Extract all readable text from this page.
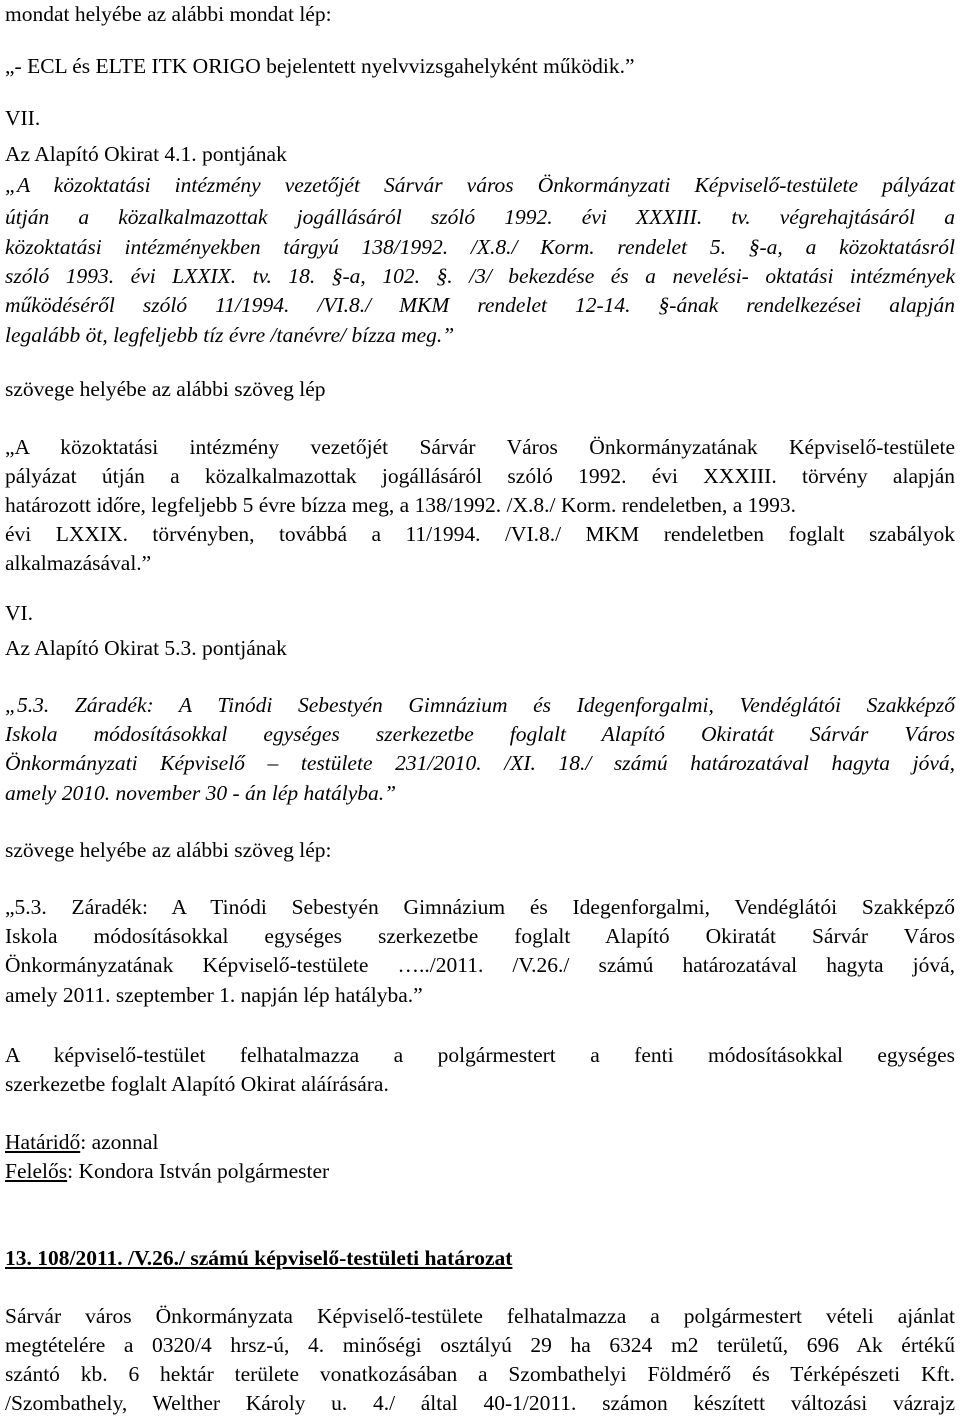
mondat helyébe az alábbi mondat lép:
„- ECL és ELTE ITK ORIGO bejelentett nyelvvizsgahelyként működik.”
VII.
Az Alapító Okirat 4.1. pontjának
„A közoktatási intézmény vezetőjét Sárvár város Önkormányzati Képviselő-testülete pályázat
útján a közalkalmazottak jogállásáról szóló 1992. évi XXXIII. tv. végrehajtásáról a
közoktatási intézményekben tárgyú 138/1992. /X.8./ Korm. rendelet 5. §-a, a közoktatásról
szóló 1993. évi LXXIX. tv. 18. §-a, 102. §. /3/ bekezdése és a nevelési- oktatási intézmények
működéséről szóló 11/1994. /VI.8./ MKM rendelet 12-14. §-ának rendelkezései alapján
legalább öt, legfeljebb tíz évre /tanévre/ bízza meg.”
szövege helyébe az alábbi szöveg lép
„A közoktatási intézmény vezetőjét Sárvár Város Önkormányzatának Képviselő-testülete
pályázat útján a közalkalmazottak jogállásáról szóló 1992. évi XXXIII. törvény alapján
határozott időre, legfeljebb 5 évre bízza meg, a 138/1992. /X.8./ Korm. rendeletben, a 1993.
évi LXXIX. törvényben, továbbá a 11/1994. /VI.8./ MKM rendeletben foglalt szabályok
alkalmazásával.”
VI.
Az Alapító Okirat 5.3. pontjának
„5.3. Záradék: A Tinódi Sebestyén Gimnázium és Idegenforgalmi, Vendéglátói Szakképző
Iskola módosításokkal egységes szerkezetbe foglalt Alapító Okiratát Sárvár Város
Önkormányzati Képviselő – testülete 231/2010. /XI. 18./ számú határozatával hagyta jóvá,
amely 2010. november 30 - án lép hatályba.”
szövege helyébe az alábbi szöveg lép:
„5.3. Záradék: A Tinódi Sebestyén Gimnázium és Idegenforgalmi, Vendéglátói Szakképző
Iskola módosításokkal egységes szerkezetbe foglalt Alapító Okiratát Sárvár Város
Önkormányzatának Képviselő-testülete …../2011. /V.26./ számú határozatával hagyta jóvá,
amely 2011. szeptember 1. napján lép hatályba.”
A képviselő-testület felhatalmazza a polgármestert a fenti módosításokkal egységes
szerkezetbe foglalt Alapító Okirat aláírására.
Határidő: azonnal
Felelős: Kondora István polgármester
13. 108/2011. /V.26./ számú képviselő-testületi határozat
Sárvár város Önkormányzata Képviselő-testülete felhatalmazza a polgármestert vételi ajánlat
megtételére a 0320/4 hrsz-ú, 4. minőségi osztályú 29 ha 6324 m2 területű, 696 Ak értékű
szántó kb. 6 hektár területe vonatkozásában a Szombathelyi Földmérő és Térképészeti Kft.
/Szombathely, Welther Károly u. 4./ által 40-1/2011. számon készített változási vázrajz
